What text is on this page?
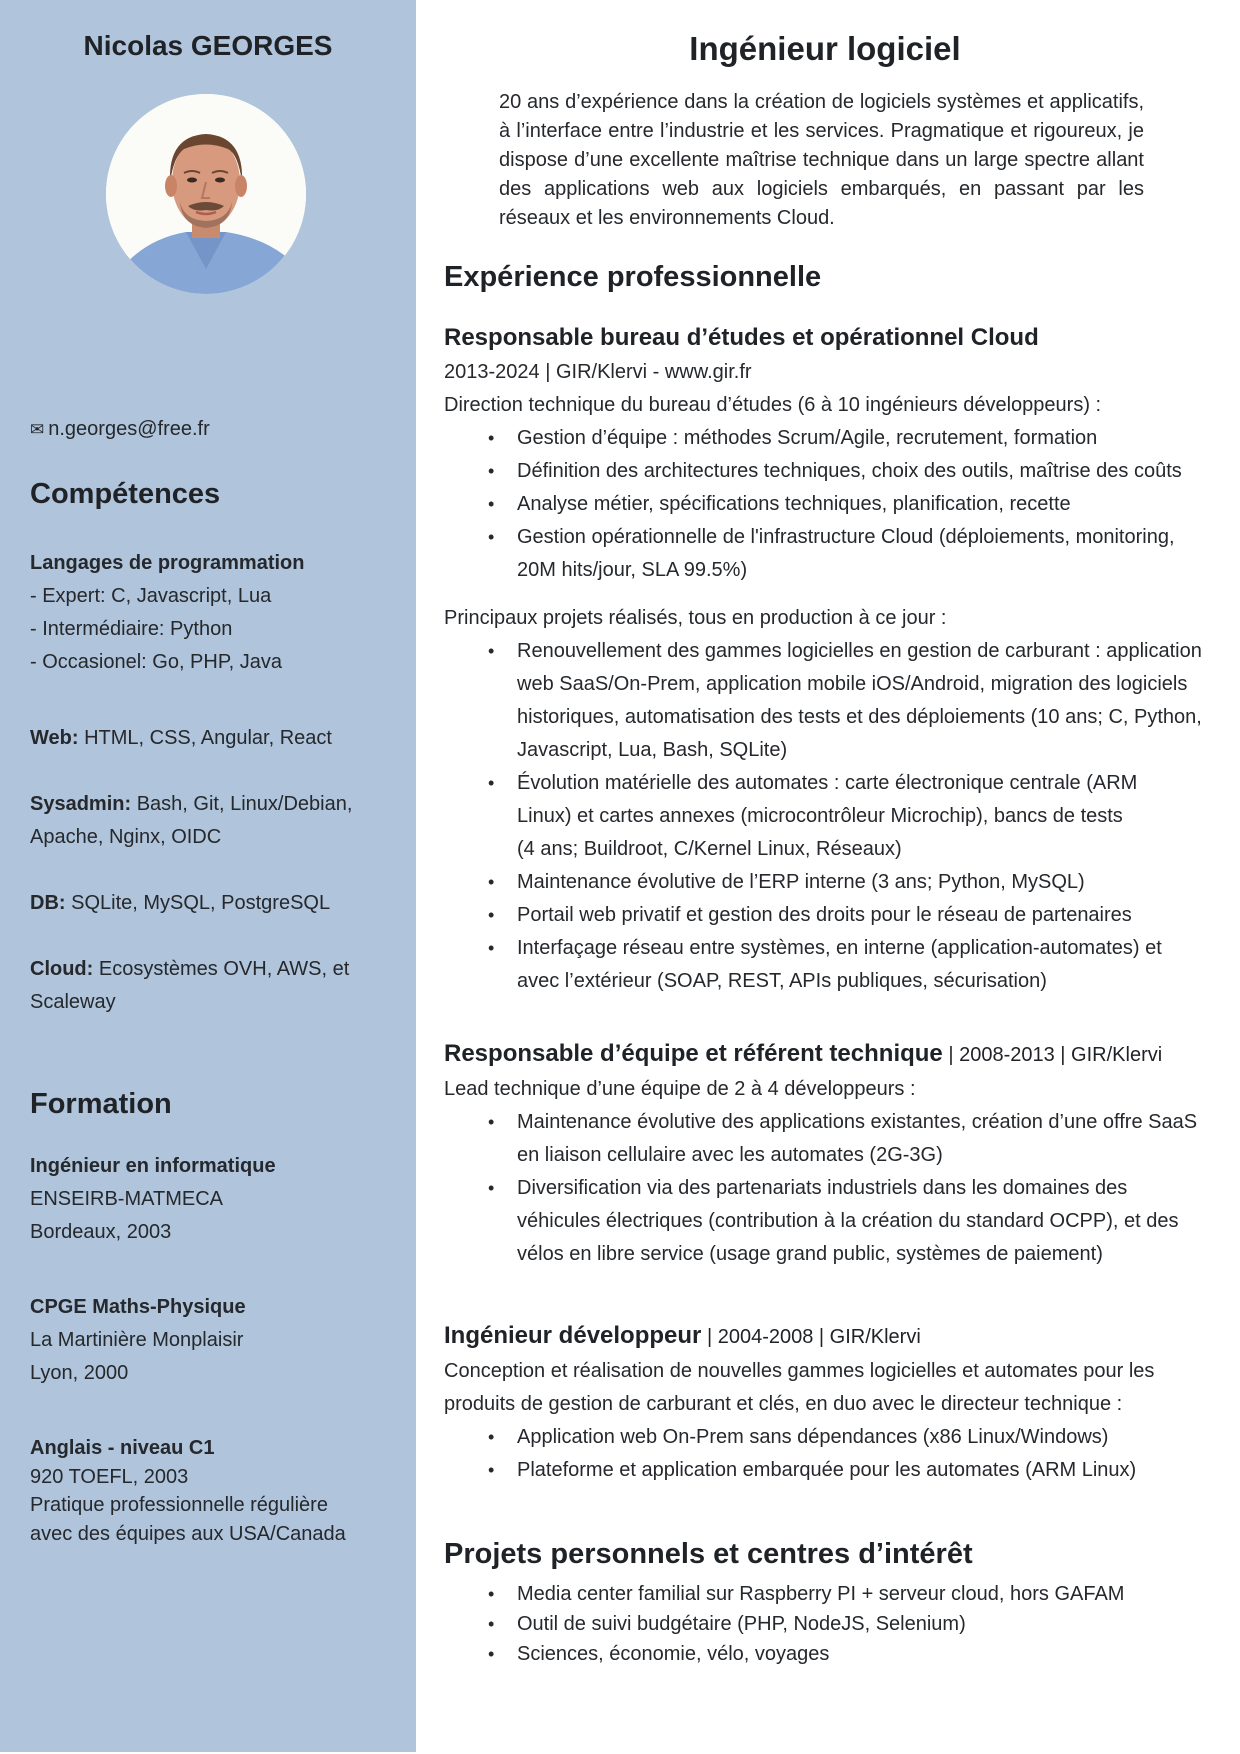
Nicolas GEORGES
✉ n.georges@free.fr
Compétences
Langages de programmation
- Expert: C, Javascript, Lua
- Intermédiaire: Python
- Occasionel: Go, PHP, Java
Web: HTML, CSS, Angular, React
Sysadmin: Bash, Git, Linux/Debian, Apache, Nginx, OIDC
DB: SQLite, MySQL, PostgreSQL
Cloud: Ecosystèmes OVH, AWS, et Scaleway
Formation
Ingénieur en informatique
ENSEIRB-MATMECA
Bordeaux, 2003
CPGE Maths-Physique
La Martinière Monplaisir
Lyon, 2000
Anglais - niveau C1
920 TOEFL, 2003
Pratique professionnelle régulière
avec des équipes aux USA/Canada
Ingénieur logiciel
20 ans d’expérience dans la création de logiciels systèmes et applicatifs, à l’interface entre l’industrie et les services. Pragmatique et rigoureux, je dispose d’une excellente maîtrise technique dans un large spectre allant des applications web aux logiciels embarqués, en passant par les réseaux et les environnements Cloud.
Expérience professionnelle
Responsable bureau d’études et opérationnel Cloud

2013-2024 | GIR/Klervi - www.gir.fr

Direction technique du bureau d’études (6 à 10 ingénieurs développeurs) :

• Gestion d’équipe : méthodes Scrum/Agile, recrutement, formation
• Définition des architectures techniques, choix des outils, maîtrise des coûts
• Analyse métier, spécifications techniques, planification, recette
• Gestion opérationnelle de l'infrastructure Cloud (déploiements, monitoring, 20M hits/jour, SLA 99.5%)

Principaux projets réalisés, tous en production à ce jour :

• Renouvellement des gammes logicielles en gestion de carburant : application web SaaS/On-Prem, application mobile iOS/Android, migration des logiciels historiques, automatisation des tests et des déploiements (10 ans; C, Python, Javascript, Lua, Bash, SQLite)
• Évolution matérielle des automates : carte électronique centrale (ARM Linux) et cartes annexes (microcontrôleur Microchip), bancs de tests (4 ans; Buildroot, C/Kernel Linux, Réseaux)
• Maintenance évolutive de l’ERP interne (3 ans; Python, MySQL)
• Portail web privatif et gestion des droits pour le réseau de partenaires
• Interfaçage réseau entre systèmes, en interne (application-automates) et avec l’extérieur (SOAP, REST, APIs publiques, sécurisation)
Responsable d’équipe et référent technique | 2008-2013 | GIR/Klervi

Lead technique d’une équipe de 2 à 4 développeurs :

• Maintenance évolutive des applications existantes, création d’une offre SaaS en liaison cellulaire avec les automates (2G-3G)
• Diversification via des partenariats industriels dans les domaines des véhicules électriques (contribution à la création du standard OCPP), et des vélos en libre service (usage grand public, systèmes de paiement)
Ingénieur développeur | 2004-2008 | GIR/Klervi

Conception et réalisation de nouvelles gammes logicielles et automates pour les produits de gestion de carburant et clés, en duo avec le directeur technique :

• Application web On-Prem sans dépendances (x86 Linux/Windows)
• Plateforme et application embarquée pour les automates (ARM Linux)
Projets personnels et centres d’intérêt
• Media center familial sur Raspberry PI + serveur cloud, hors GAFAM
• Outil de suivi budgétaire (PHP, NodeJS, Selenium)
• Sciences, économie, vélo, voyages
